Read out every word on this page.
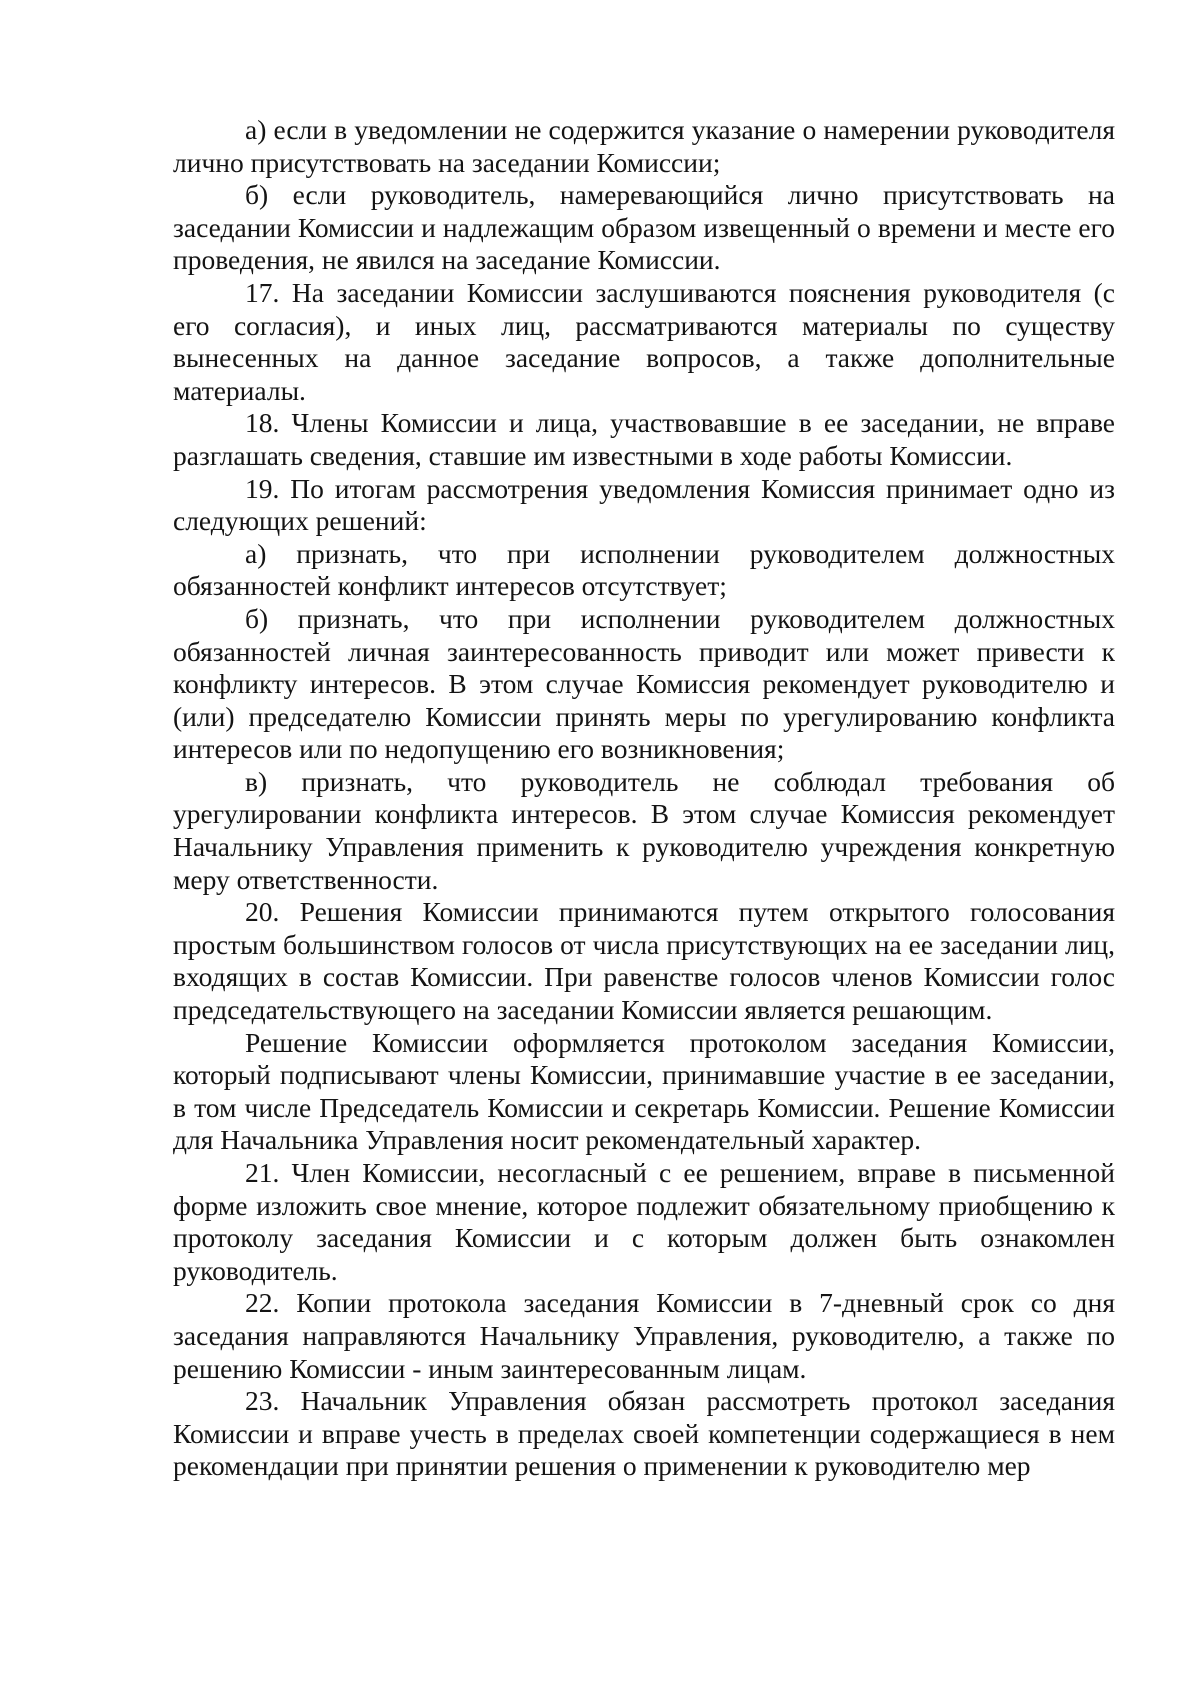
а) если в уведомлении не содержится указание о намерении руководителя лично присутствовать на заседании Комиссии;

б) если руководитель, намеревающийся лично присутствовать на заседании Комиссии и надлежащим образом извещенный о времени и месте его проведения, не явился на заседание Комиссии.

17. На заседании Комиссии заслушиваются пояснения руководителя (с его согласия), и иных лиц, рассматриваются материалы по существу вынесенных на данное заседание вопросов, а также дополнительные материалы.

18. Члены Комиссии и лица, участвовавшие в ее заседании, не вправе разглашать сведения, ставшие им известными в ходе работы Комиссии.

19. По итогам рассмотрения уведомления Комиссия принимает одно из следующих решений:

а) признать, что при исполнении руководителем должностных обязанностей конфликт интересов отсутствует;

б) признать, что при исполнении руководителем должностных обязанностей личная заинтересованность приводит или может привести к конфликту интересов. В этом случае Комиссия рекомендует руководителю и (или) председателю Комиссии принять меры по урегулированию конфликта интересов или по недопущению его возникновения;

в) признать, что руководитель не соблюдал требования об урегулировании конфликта интересов. В этом случае Комиссия рекомендует Начальнику Управления применить к руководителю учреждения конкретную меру ответственности.

20. Решения Комиссии принимаются путем открытого голосования простым большинством голосов от числа присутствующих на ее заседании лиц, входящих в состав Комиссии. При равенстве голосов членов Комиссии голос председательствующего на заседании Комиссии является решающим.

Решение Комиссии оформляется протоколом заседания Комиссии, который подписывают члены Комиссии, принимавшие участие в ее заседании, в том числе Председатель Комиссии и секретарь Комиссии. Решение Комиссии для Начальника Управления носит рекомендательный характер.

21. Член Комиссии, несогласный с ее решением, вправе в письменной форме изложить свое мнение, которое подлежит обязательному приобщению к протоколу заседания Комиссии и с которым должен быть ознакомлен руководитель.

22. Копии протокола заседания Комиссии в 7-дневный срок со дня заседания направляются Начальнику Управления, руководителю, а также по решению Комиссии - иным заинтересованным лицам.

23. Начальник Управления обязан рассмотреть протокол заседания Комиссии и вправе учесть в пределах своей компетенции содержащиеся в нем рекомендации при принятии решения о применении к руководителю мер
